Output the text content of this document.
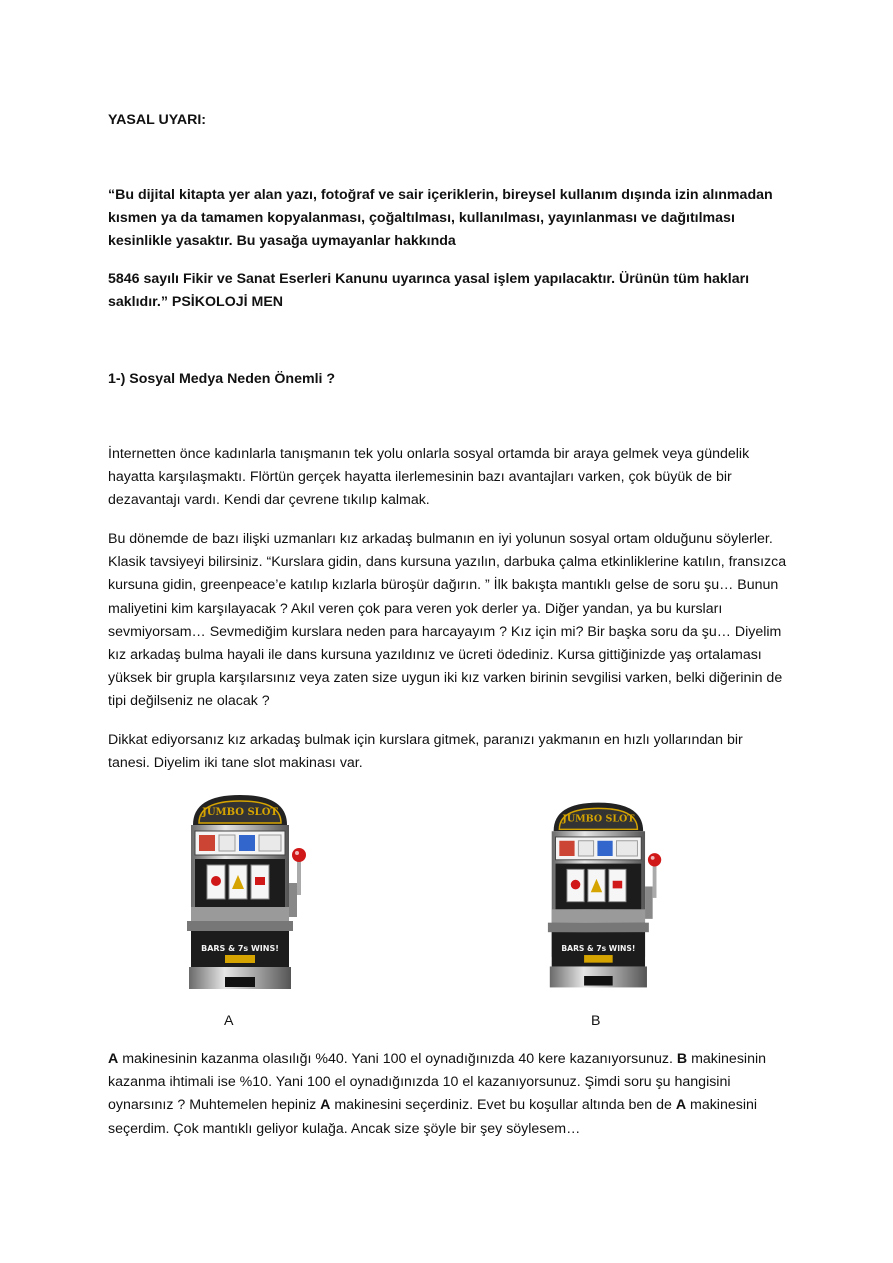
YASAL UYARI:

“Bu dijital kitapta yer alan yazı, fotoğraf ve sair içeriklerin, bireysel kullanım dışında izin alınmadan kısmen ya da tamamen kopyalanması, çoğaltılması, kullanılması, yayınlanması ve dağıtılması kesinlikle yasaktır. Bu yasağa uymayanlar hakkında

5846 sayılı Fikir ve Sanat Eserleri Kanunu uyarınca yasal işlem yapılacaktır. Ürünün tüm hakları saklıdır.” PSİKOLOJİ MEN

1-) Sosyal Medya Neden Önemli ?

İnternetten önce kadınlarla tanışmanın tek yolu onlarla sosyal ortamda bir araya gelmek veya gündelik hayatta karşılaşmaktı. Flörtün gerçek hayatta ilerlemesinin bazı avantajları varken, çok büyük de bir dezavantajı vardı. Kendi dar çevrene tıkılıp kalmak.

Bu dönemde de bazı ilişki uzmanları kız arkadaş bulmanın en iyi yolunun sosyal ortam olduğunu söylerler. Klasik tavsiyeyi bilirsiniz. “Kurslara gidin, dans kursuna yazılın, darbuka çalma etkinliklerine katılın, fransızca kursuna gidin, greenpeace’e katılıp kızlarla büroşür dağırın. ” İlk bakışta mantıklı gelse de soru şu… Bunun maliyetini kim karşılayacak ? Akıl veren çok para veren yok derler ya. Diğer yandan, ya bu kursları sevmiyorsam… Sevmediğim kurslara neden para harcayayım ? Kız için mi? Bir başka soru da şu… Diyelim kız arkadaş bulma hayali ile dans kursuna yazıldınız ve ücreti ödediniz. Kursa gittiğinizde yaş ortalaması yüksek bir grupla karşılarsınız veya zaten size uygun iki kız varken birinin sevgilisi varken, belki diğerinin de tipi değilseniz ne olacak ?

Dikkat ediyorsanız kız arkadaş bulmak için kurslara gitmek, paranızı yakmanın en hızlı yollarından bir tanesi. Diyelim iki tane slot makinası var.

JUMBO SLOT
BARS & 7s WINS!
JUMBO SLOT
BARS & 7s WINS!
A	B

A makinesinin kazanma olasılığı %40. Yani 100 el oynadığınızda 40 kere kazanıyorsunuz. B makinesinin kazanma ihtimali ise %10. Yani 100 el oynadığınızda 10 el kazanıyorsunuz. Şimdi soru şu hangisini oynarsınız ? Muhtemelen hepiniz A makinesini seçerdiniz. Evet bu koşullar altında ben de A makinesini seçerdim. Çok mantıklı geliyor kulağa. Ancak size şöyle bir şey söylesem…
